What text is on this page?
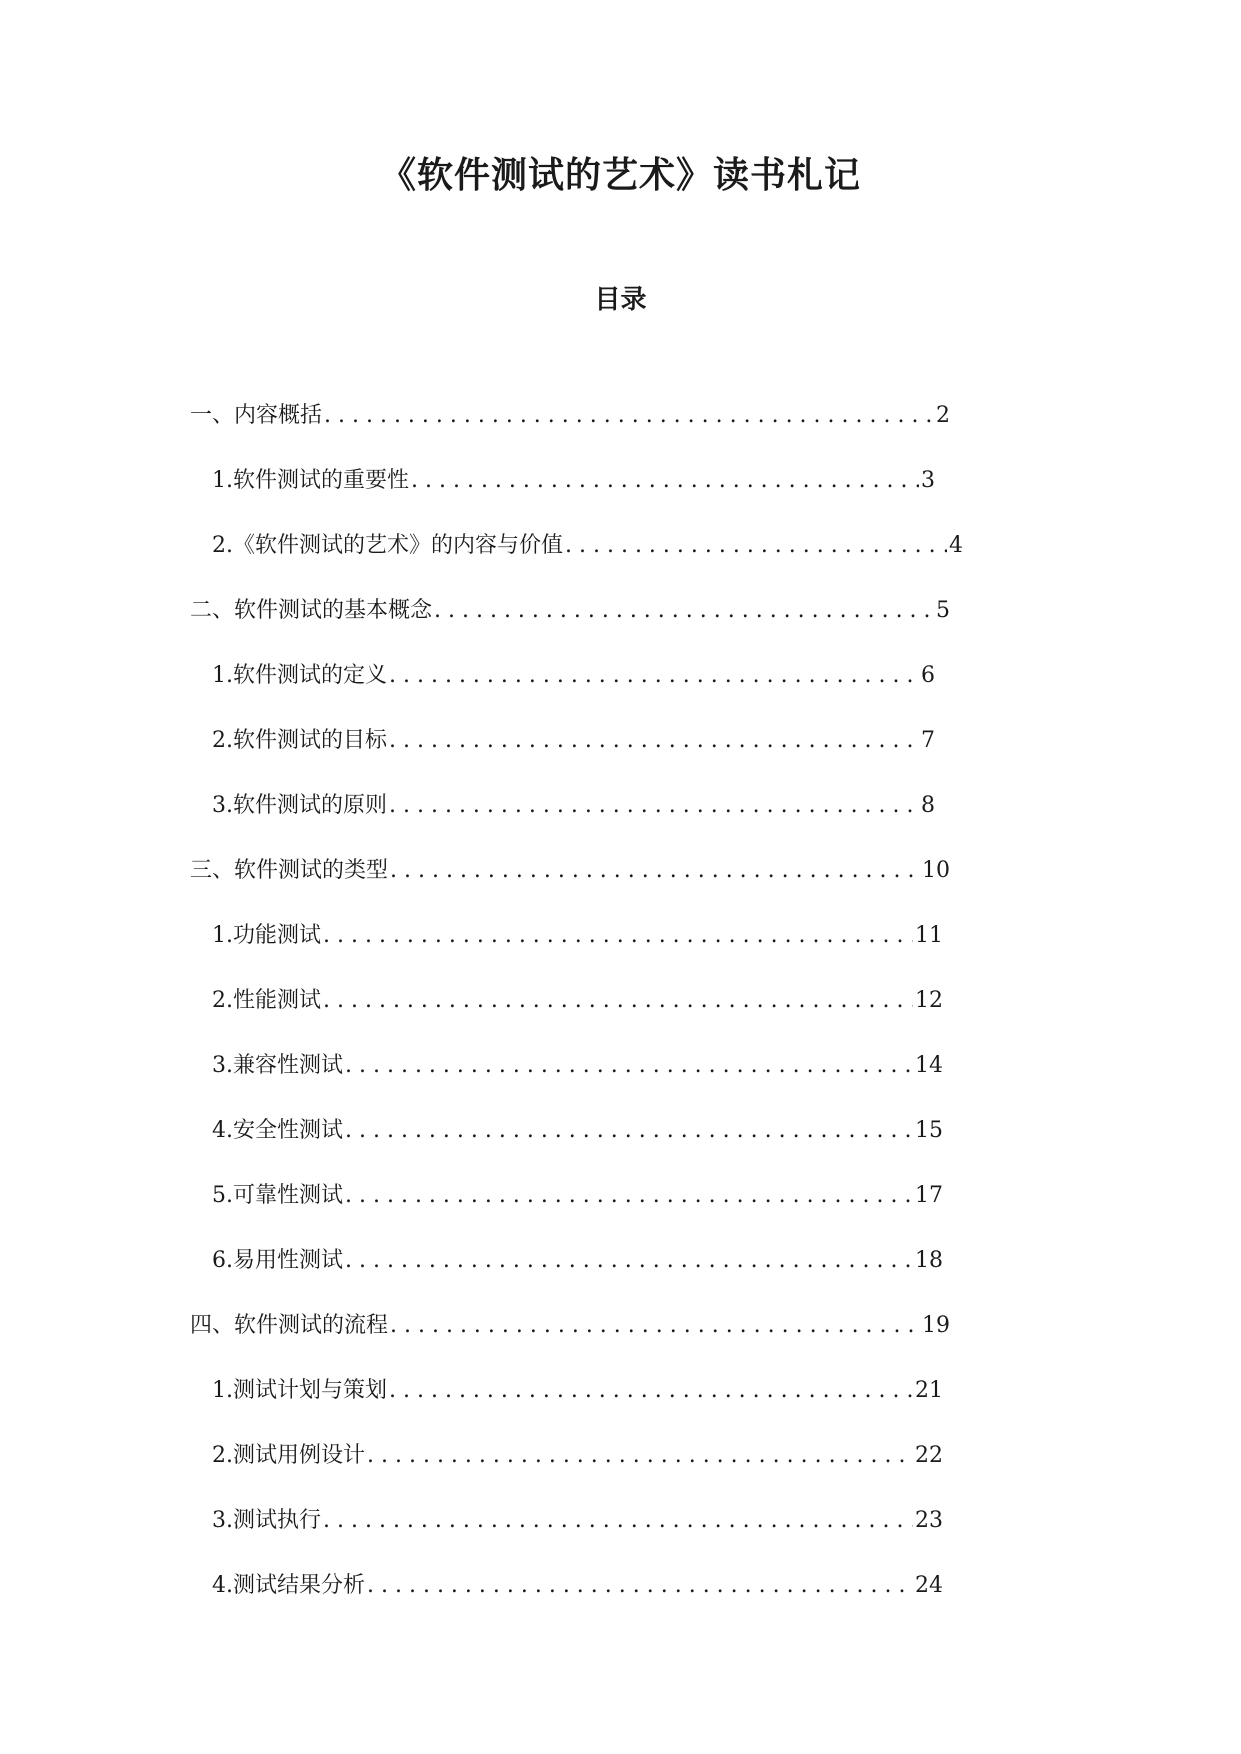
《软件测试的艺术》读书札记
目录
一、内容概括 . . .	2
1. 软件测试的重要性 . . .	3
2. 《软件测试的艺术》的内容与价值 . . .	4
二、软件测试的基本概念 . . .	5
1. 软件测试的定义 . . .	6
2. 软件测试的目标 . . .	7
3. 软件测试的原则 . . .	8
三、软件测试的类型 . . .	10
1. 功能测试 . . .	11
2. 性能测试 . . .	12
3. 兼容性测试 . . .	14
4. 安全性测试 . . .	15
5. 可靠性测试 . . .	17
6. 易用性测试 . . .	18
四、软件测试的流程 . . .	19
1. 测试计划与策划 . . .	21
2. 测试用例设计 . . .	22
3. 测试执行 . . .	23
4. 测试结果分析 . . .	24
